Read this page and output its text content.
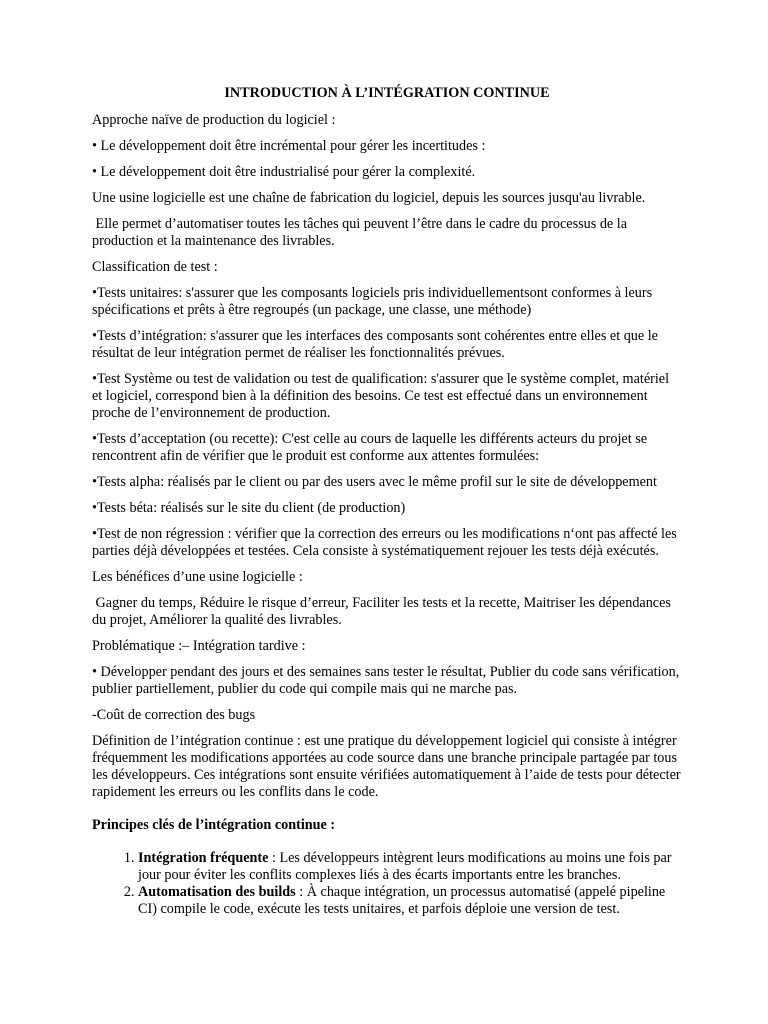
INTRODUCTION À L’INTÉGRATION CONTINUE

Approche naïve de production du logiciel :

• Le développement doit être incrémental pour gérer les incertitudes :

• Le développement doit être industrialisé pour gérer la complexité.

Une usine logicielle est une chaîne de fabrication du logiciel, depuis les sources jusqu'au livrable.

Elle permet d’automatiser toutes les tâches qui peuvent l’être dans le cadre du processus de la production et la maintenance des livrables.

Classification de test :

•Tests unitaires: s'assurer que les composants logiciels pris individuellementsont conformes à leurs spécifications et prêts à être regroupés (un package, une classe, une méthode)

•Tests d’intégration: s'assurer que les interfaces des composants sont cohérentes entre elles et que le résultat de leur intégration permet de réaliser les fonctionnalités prévues.

•Test Système ou test de validation ou test de qualification: s'assurer que le système complet, matériel et logiciel, correspond bien à la définition des besoins. Ce test est effectué dans un environnement proche de l’environnement de production.

•Tests d’acceptation (ou recette): C'est celle au cours de laquelle les différents acteurs du projet se rencontrent afin de vérifier que le produit est conforme aux attentes formulées:

•Tests alpha: réalisés par le client ou par des users avec le même profil sur le site de développement

•Tests béta: réalisés sur le site du client (de production)

•Test de non régression : vérifier que la correction des erreurs ou les modifications n‘ont pas affecté les parties déjà développées et testées. Cela consiste à systématiquement rejouer les tests déjà exécutés.

Les bénéfices d’une usine logicielle :

Gagner du temps, Réduire le risque d’erreur, Faciliter les tests et la recette, Maitriser les dépendances du projet, Améliorer la qualité des livrables.

Problématique :– Intégration tardive :

• Développer pendant des jours et des semaines sans tester le résultat, Publier du code sans vérification, publier partiellement, publier du code qui compile mais qui ne marche pas.

-Coût de correction des bugs

Définition de l’intégration continue : est une pratique du développement logiciel qui consiste à intégrer fréquemment les modifications apportées au code source dans une branche principale partagée par tous les développeurs. Ces intégrations sont ensuite vérifiées automatiquement à l’aide de tests pour détecter rapidement les erreurs ou les conflits dans le code.

Principes clés de l’intégration continue :

1. Intégration fréquente : Les développeurs intègrent leurs modifications au moins une fois par jour pour éviter les conflits complexes liés à des écarts importants entre les branches.
2. Automatisation des builds : À chaque intégration, un processus automatisé (appelé pipeline CI) compile le code, exécute les tests unitaires, et parfois déploie une version de test.
